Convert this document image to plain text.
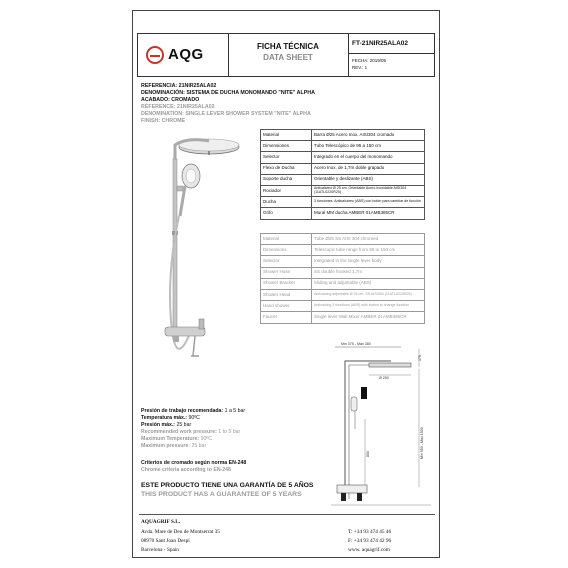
AQG	FICHA TÉCNICA
DATA SHEET
FT-21NIR25ALA02
FECHA: 2019/05
REV.: 1
REFERENCIA: 21NIR25ALA02
DENOMINACIÓN: SISTEMA DE DUCHA MONOMANDO "NITE" ALPHA
ACABADO: CROMADO
REFERENCE: 21NIR25ALA02
DENOMINATION: SINGLE LEVER SHOWER SYSTEM "NITE" ALPHA
FINISH: CHROME
Material	Barra Ø25 Acero Inox. AISI304 cromado
Dimensiones	Tubo Telescópico de 95 a 150 cm
Selector	Integrado en el cuerpo del monomando
Flexo de Ducha	Acero Inox. de 1,7m doble grapado
Soporte ducha	Orientable y deslizante (ABS)
Rociador	Antical​áreo Ø 25 cm. Orientable Acero Inoxidable AISI304 (11ATL0220R25)
Ducha	3 funciones. Anticalcáreo (ABS) con botón para cambiar de función
Grifo	Mural MM ducha AMBER 01AMB385CR
Material	Tube Ø25 SS AISI 304 chromed
Dimensions	Telescopic tube range from 95 to 150 cm
Selector	Integrated in the single lever body
Shower Hose	SS double hooked 1,7m
Shower Bracket	Sliding and adjustable (ABS)
Shower Head	Anticalcing adjustable Ø 25 cm. SS AISI304 (11ATL0220R25)
Hand shower	Anticalcing 3 functions (ABS) with button to change function
Faucet	Single lever Wall Mixer AMBER 01AMB385CR
Min 375 - Max 380
170
Ø 250
850	Min 950 - Max 1500
Presión de trabajo recomendada: 1 a 5 bar
Temperatura máx.: 90ºC
Presión máx.: 25 bar
Recommended work pressure: 1 to 5 bar
Maximum Temperature: 90ºC
Maximum pressure: 25 bar
Criterios de cromado según norma EN-248
Chrome criteria according to EN-248
ESTE PRODUCTO TIENE UNA GARANTÍA DE 5 AÑOS
THIS PRODUCT HAS A GUARANTEE OF 5 YEARS
AQUAGRIF S.L.
Avda. Mare de Deu de Montserrat 35
08970 Sant Joan Despí
Barcelona - Spain
T: +34 93 474 45 46
F: +34 93 474 42 96
www. aquagrif.com
